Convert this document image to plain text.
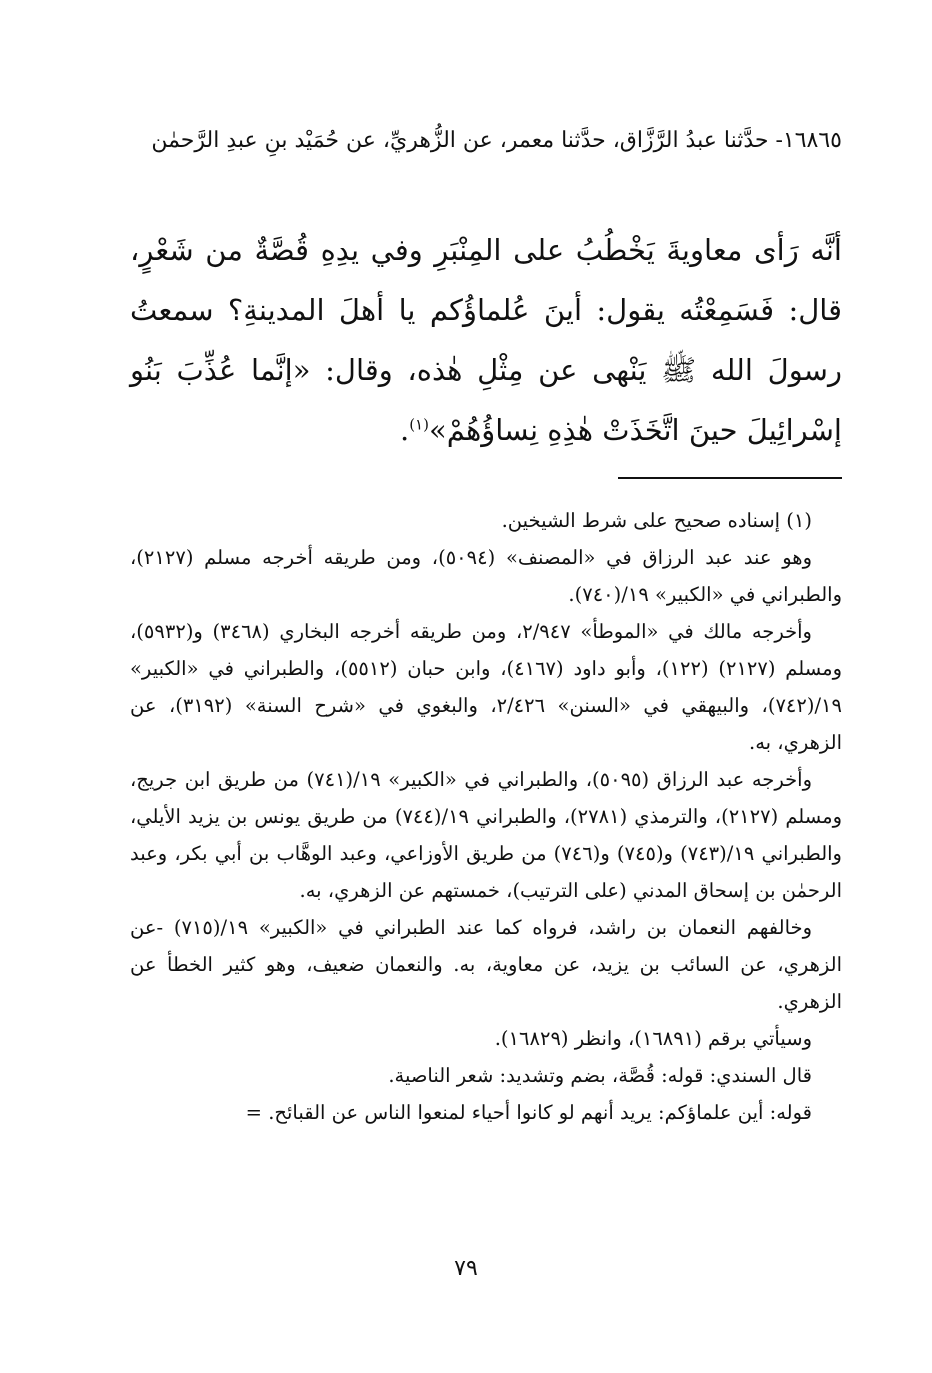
١٦٨٦٥- حدَّثنا عبدُ الرَّزَّاق، حدَّثنا معمر، عن الزُّهريِّ، عن حُمَيْد بنِ عبدِ الرَّحمٰن
أنَّه رَأى معاويةَ يَخْطُبُ على المِنْبَرِ وفي يدِهِ قُصَّةٌ من شَعْرٍ، قال: فَسَمِعْتُه يقول: أينَ عُلماؤُكم يا أهلَ المدينةِ؟ سمعتُ رسولَ الله ﷺ يَنْهى عن مِثْلِ هٰذه، وقال: «إنَّما عُذِّبَ بَنُو إسْرائِيلَ حينَ اتَّخَذَتْ هٰذِهِ نِساؤُهُمْ»$^{(١)}$.

(١) إسناده صحيح على شرط الشيخين.

وهو عند عبد الرزاق في «المصنف» (٥٠٩٤)، ومن طريقه أخرجه مسلم (٢١٢٧)، والطبراني في «الكبير» ١٩/(٧٤٠).

وأخرجه مالك في «الموطأ» ٢/٩٤٧، ومن طريقه أخرجه البخاري (٣٤٦٨) و(٥٩٣٢)، ومسلم (٢١٢٧) (١٢٢)، وأبو داود (٤١٦٧)، وابن حبان (٥٥١٢)، والطبراني في «الكبير» ١٩/(٧٤٢)، والبيهقي في «السنن» ٢/٤٢٦، والبغوي في «شرح السنة» (٣١٩٢)، عن الزهري، به.

وأخرجه عبد الرزاق (٥٠٩٥)، والطبراني في «الكبير» ١٩/(٧٤١) من طريق ابن جريج، ومسلم (٢١٢٧)، والترمذي (٢٧٨١)، والطبراني ١٩/(٧٤٤) من طريق يونس بن يزيد الأيلي، والطبراني ١٩/(٧٤٣) و(٧٤٥) و(٧٤٦) من طريق الأوزاعي، وعبد الوهَّاب بن أبي بكر، وعبد الرحمٰن بن إسحاق المدني (على الترتيب)، خمستهم عن الزهري، به.

وخالفهم النعمان بن راشد، فرواه كما عند الطبراني في «الكبير» ١٩/(٧١٥) -عن الزهري، عن السائب بن يزيد، عن معاوية، به. والنعمان ضعيف، وهو كثير الخطأ عن الزهري.

وسيأتي برقم (١٦٨٩١)، وانظر (١٦٨٢٩).

قال السندي: قوله: قُصَّة، بضم وتشديد: شعر الناصية.

قوله: أين علماؤكم: يريد أنهم لو كانوا أحياء لمنعوا الناس عن القبائح. =

٧٩
